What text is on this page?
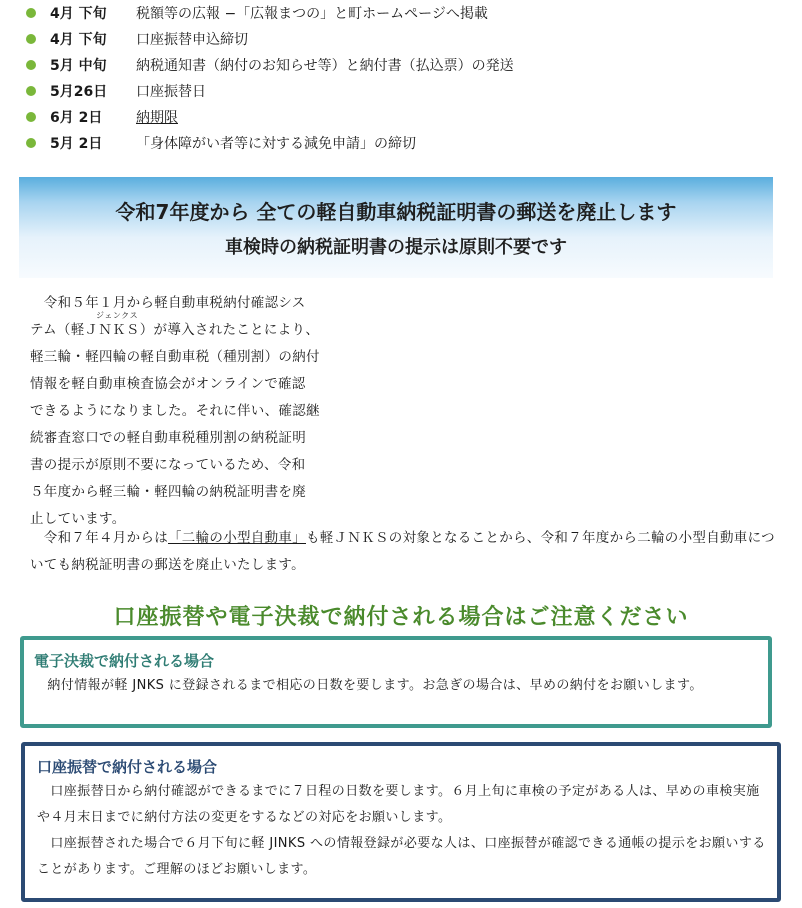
4月 下旬	税額等の広報 −「広報まつの」と町ホームページへ掲載
4月 下旬	口座振替申込締切
5月 中旬	納税通知書（納付のお知らせ等）と納付書（払込票）の発送
5月26日	口座振替日
6月 2日	納期限
5月 2日	「身体障がい者等に対する減免申請」の締切
令和7年度から 全ての軽自動車納税証明書の郵送を廃止します
車検時の納税証明書の提示は原則不要です
ジェンクス

　令和５年１月から軽自動車税納付確認シス

テム（軽ＪＮＫＳ）が導入されたことにより、

軽三輪・軽四輪の軽自動車税（種別割）の納付

情報を軽自動車検査協会がオンラインで確認

できるようになりました。それに伴い、確認継

続審査窓口での軽自動車税種別割の納税証明

書の提示が原則不要になっているため、令和

５年度から軽三輪・軽四輪の納税証明書を廃

止しています。

　令和７年４月からは「二輪の小型自動車」も軽ＪＮＫＳの対象となることから、令和７年度から二輪の小型自動車についても納税証明書の郵送を廃止いたします。

口座振替や電子決裁で納付される場合はご注意ください
電子決裁で納付される場合

　納付情報が軽 JNKS に登録されるまで相応の日数を要します。お急ぎの場合は、早めの納付をお願いします。

口座振替で納付される場合

　口座振替日から納付確認ができるまでに７日程の日数を要します。６月上旬に車検の予定がある人は、早めの車検実施や４月末日までに納付方法の変更をするなどの対応をお願いします。

　口座振替された場合で６月下旬に軽 JINKS への情報登録が必要な人は、口座振替が確認できる通帳の提示をお願いすることがあります。ご理解のほどお願いします。
